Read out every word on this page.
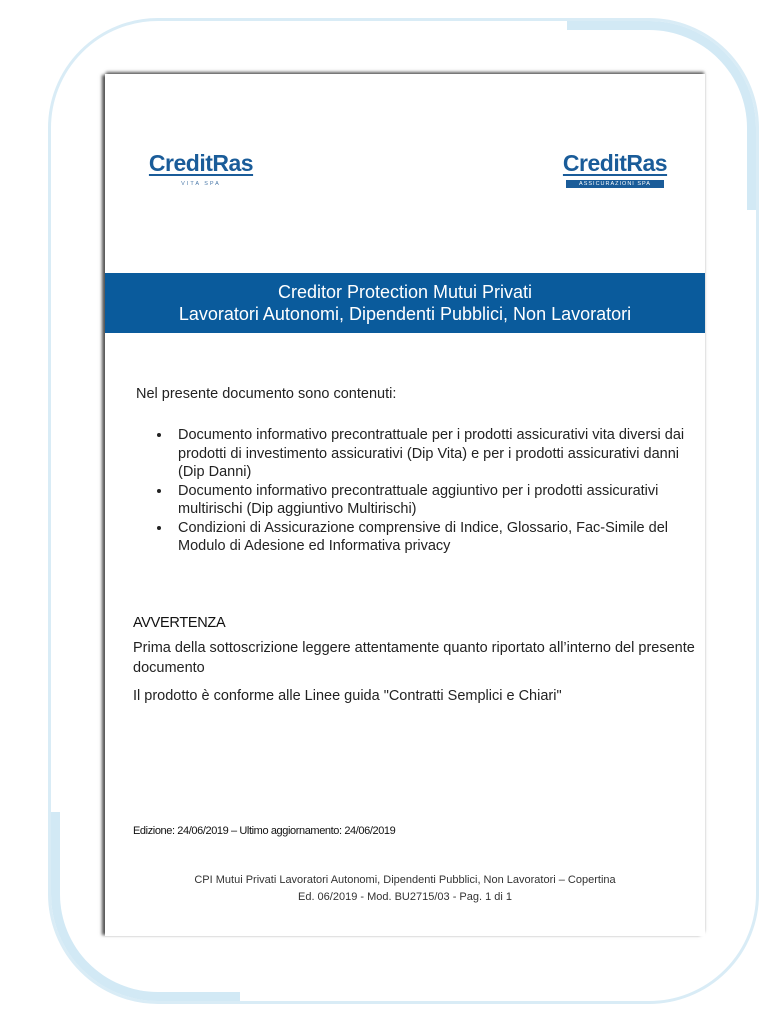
CreditRas
VITA SPA
CreditRas
ASSICURAZIONI SPA
Creditor Protection Mutui Privati
Lavoratori Autonomi, Dipendenti Pubblici, Non Lavoratori
Nel presente documento sono contenuti:
• Documento informativo precontrattuale per i prodotti assicurativi vita diversi dai prodotti di investimento assicurativi (Dip Vita) e per i prodotti assicurativi danni (Dip Danni)
• Documento informativo precontrattuale aggiuntivo per i prodotti assicurativi multirischi (Dip aggiuntivo Multirischi)
• Condizioni di Assicurazione comprensive di Indice, Glossario, Fac-Simile del Modulo di Adesione ed Informativa privacy
AVVERTENZA
Prima della sottoscrizione leggere attentamente quanto riportato all’interno del presente documento
Il prodotto è conforme alle Linee guida "Contratti Semplici e Chiari"
Edizione: 24/06/2019 – Ultimo aggiornamento: 24/06/2019
CPI Mutui Privati Lavoratori Autonomi, Dipendenti Pubblici, Non Lavoratori – Copertina
Ed. 06/2019 - Mod. BU2715/03 - Pag. 1 di 1
